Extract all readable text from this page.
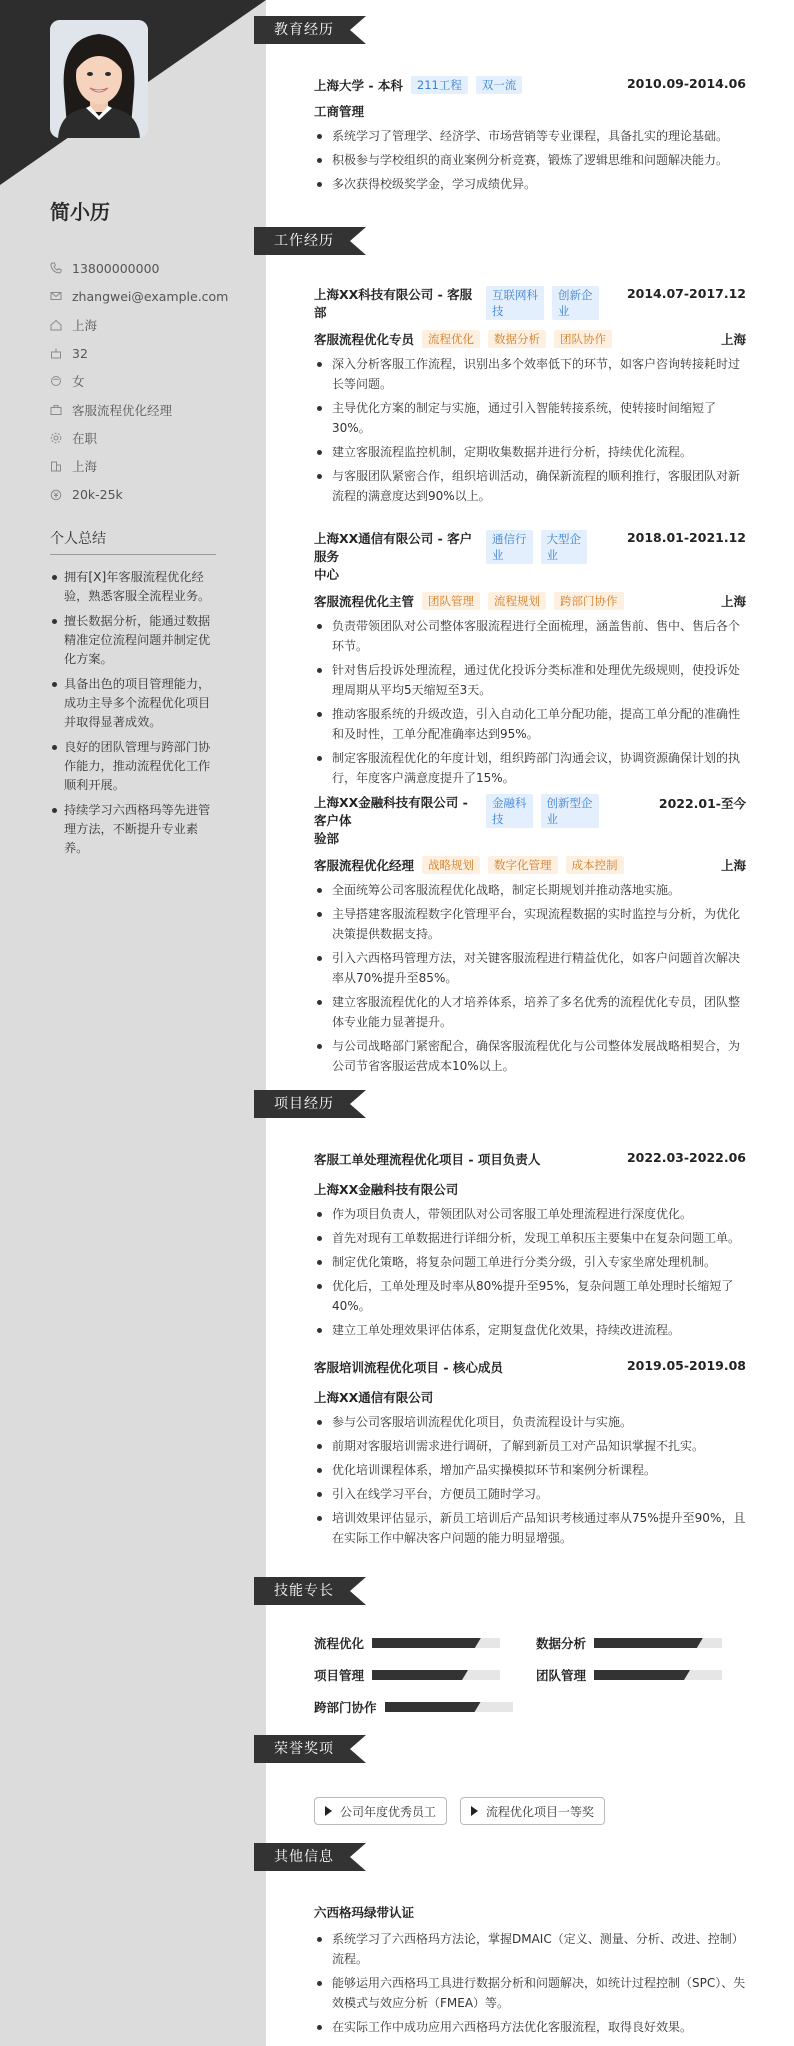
简小历
13800000000
zhangwei@example.com
上海
32
女
客服流程优化经理
在职
上海
20k-25k
个人总结
拥有[X]年客服流程优化经验，熟悉客服全流程业务。
擅长数据分析，能通过数据精准定位流程问题并制定优化方案。
具备出色的项目管理能力，成功主导多个流程优化项目并取得显著成效。
良好的团队管理与跨部门协作能力，推动流程优化工作顺利开展。
持续学习六西格玛等先进管理方法，不断提升专业素养。
教育经历
上海大学 - 本科	211工程	双一流	2010.09-2014.06
工商管理
系统学习了管理学、经济学、市场营销等专业课程，具备扎实的理论基础。
积极参与学校组织的商业案例分析竞赛，锻炼了逻辑思维和问题解决能力。
多次获得校级奖学金，学习成绩优异。
工作经历
上海XX科技有限公司 - 客服
部
互联网科
技
创新企
业
2014.07-2017.12
客服流程优化专员	流程优化	数据分析	团队协作	上海
深入分析客服工作流程，识别出多个效率低下的环节，如客户咨询转接耗时过长等问题。
主导优化方案的制定与实施，通过引入智能转接系统，使转接时间缩短了30%。
建立客服流程监控机制，定期收集数据并进行分析，持续优化流程。
与客服团队紧密合作，组织培训活动，确保新流程的顺利推行，客服团队对新流程的满意度达到90%以上。
上海XX通信有限公司 - 客户服务
中心
通信行
业
大型企
业
2018.01-2021.12
客服流程优化主管	团队管理	流程规划	跨部门协作	上海
负责带领团队对公司整体客服流程进行全面梳理，涵盖售前、售中、售后各个环节。
针对售后投诉处理流程，通过优化投诉分类标准和处理优先级规则，使投诉处理周期从平均5天缩短至3天。
推动客服系统的升级改造，引入自动化工单分配功能，提高工单分配的准确性和及时性，工单分配准确率达到95%。
制定客服流程优化的年度计划，组织跨部门沟通会议，协调资源确保计划的执行，年度客户满意度提升了15%。
上海XX金融科技有限公司 - 客户体
验部
金融科
技
创新型企
业
2022.01-至今
客服流程优化经理	战略规划	数字化管理	成本控制	上海
全面统筹公司客服流程优化战略，制定长期规划并推动落地实施。
主导搭建客服流程数字化管理平台，实现流程数据的实时监控与分析，为优化决策提供数据支持。
引入六西格玛管理方法，对关键客服流程进行精益优化，如客户问题首次解决率从70%提升至85%。
建立客服流程优化的人才培养体系，培养了多名优秀的流程优化专员，团队整体专业能力显著提升。
与公司战略部门紧密配合，确保客服流程优化与公司整体发展战略相契合，为公司节省客服运营成本10%以上。
项目经历
客服工单处理流程优化项目 - 项目负责人	2022.03-2022.06
上海XX金融科技有限公司
作为项目负责人，带领团队对公司客服工单处理流程进行深度优化。
首先对现有工单数据进行详细分析，发现工单积压主要集中在复杂问题工单。
制定优化策略，将复杂问题工单进行分类分级，引入专家坐席处理机制。
优化后，工单处理及时率从80%提升至95%，复杂问题工单处理时长缩短了40%。
建立工单处理效果评估体系，定期复盘优化效果，持续改进流程。
客服培训流程优化项目 - 核心成员	2019.05-2019.08
上海XX通信有限公司
参与公司客服培训流程优化项目，负责流程设计与实施。
前期对客服培训需求进行调研，了解到新员工对产品知识掌握不扎实。
优化培训课程体系，增加产品实操模拟环节和案例分析课程。
引入在线学习平台，方便员工随时学习。
培训效果评估显示，新员工培训后产品知识考核通过率从75%提升至90%，且在实际工作中解决客户问题的能力明显增强。
技能专长
流程优化	数据分析
项目管理	团队管理
跨部门协作
荣誉奖项
公司年度优秀员工	流程优化项目一等奖
其他信息
六西格玛绿带认证
系统学习了六西格玛方法论，掌握DMAIC（定义、测量、分析、改进、控制）流程。
能够运用六西格玛工具进行数据分析和问题解决，如统计过程控制（SPC）、失效模式与效应分析（FMEA）等。
在实际工作中成功应用六西格玛方法优化客服流程，取得良好效果。
